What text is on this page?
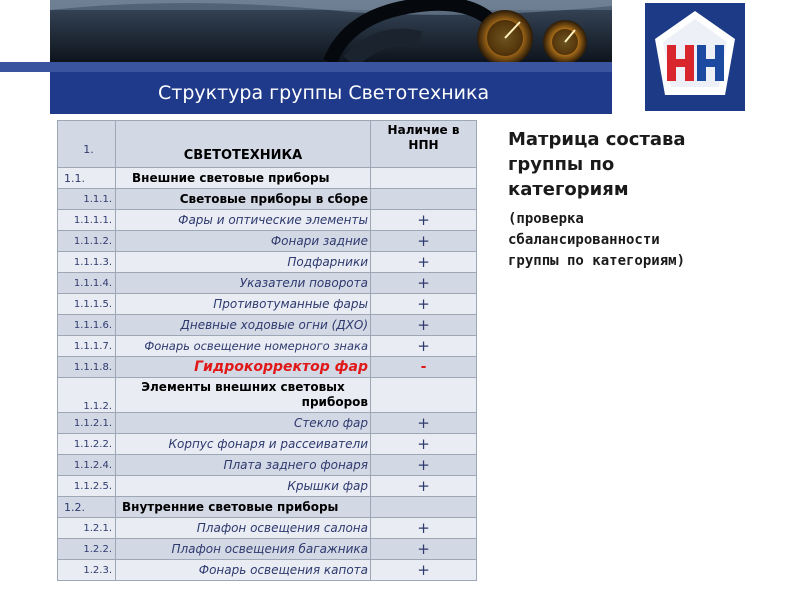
Структура группы Светотехника
1.	СВЕТОТЕХНИКА	Наличие в
НПН

1.1.	Внешние световые приборы	
1.1.1.	Световые приборы в сборе	
1.1.1.1.	Фары и оптические элементы	+
1.1.1.2.	Фонари задние	+
1.1.1.3.	Подфарники	+
1.1.1.4.	Указатели поворота	+
1.1.1.5.	Противотуманные фары	+
1.1.1.6.	Дневные ходовые огни (ДХО)	+
1.1.1.7.	Фонарь освещение номерного знака	+
1.1.1.8.	Гидрокорректор фар	-
1.1.2.	Элементы внешних световых
приборов	

1.1.2.1.	Стекло фар	+
1.1.2.2.	Корпус фонаря и рассеиватели	+
1.1.2.4.	Плата заднего фонаря	+
1.1.2.5.	Крышки фар	+
1.2.	Внутренние световые приборы	
1.2.1.	Плафон освещения салона	+
1.2.2.	Плафон освещения багажника	+
1.2.3.	Фонарь освещения капота	+
Матрица состава
группы по
категориям
(проверка
сбалансированности
группы по категориям)
